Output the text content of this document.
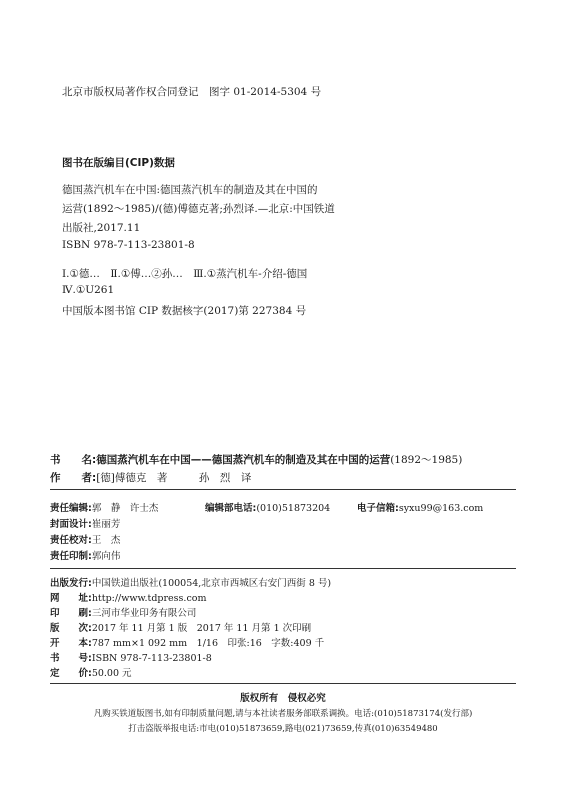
北京市版权局著作权合同登记　图字 01-2014-5304 号
图书在版编目(CIP)数据
德国蒸汽机车在中国:德国蒸汽机车的制造及其在中国的
运营(1892～1985)/(德)傅德克著;孙烈译.—北京:中国铁道
出版社,2017.11
ISBN 978-7-113-23801-8
Ⅰ.①德…　Ⅱ.①傅…②孙…　Ⅲ.①蒸汽机车-介绍-德国
Ⅳ.①U261
中国版本图书馆 CIP 数据核字(2017)第 227384 号
书　　名:德国蒸汽机车在中国——德国蒸汽机车的制造及其在中国的运营(1892～1985)
作　　者:[德]傅德克　著　　　孙　烈　译
责任编辑:郭　静　许士杰	编辑部电话:(010)51873204	电子信箱:syxu99@163.com
封面设计:崔丽芳
责任校对:王　杰
责任印制:郭向伟
出版发行:中国铁道出版社(100054,北京市西城区右安门西街 8 号)
网　　址:http://www.tdpress.com
印　　刷:三河市华业印务有限公司
版　　次:2017 年 11 月第 1 版　2017 年 11 月第 1 次印刷
开　　本:787 mm×1 092 mm　1/16　印张:16　字数:409 千
书　　号:ISBN 978-7-113-23801-8
定　　价:50.00 元
版权所有　侵权必究
凡购买铁道版图书,如有印制质量问题,请与本社读者服务部联系调换。电话:(010)51873174(发行部)
打击盗版举报电话:市电(010)51873659,路电(021)73659,传真(010)63549480
